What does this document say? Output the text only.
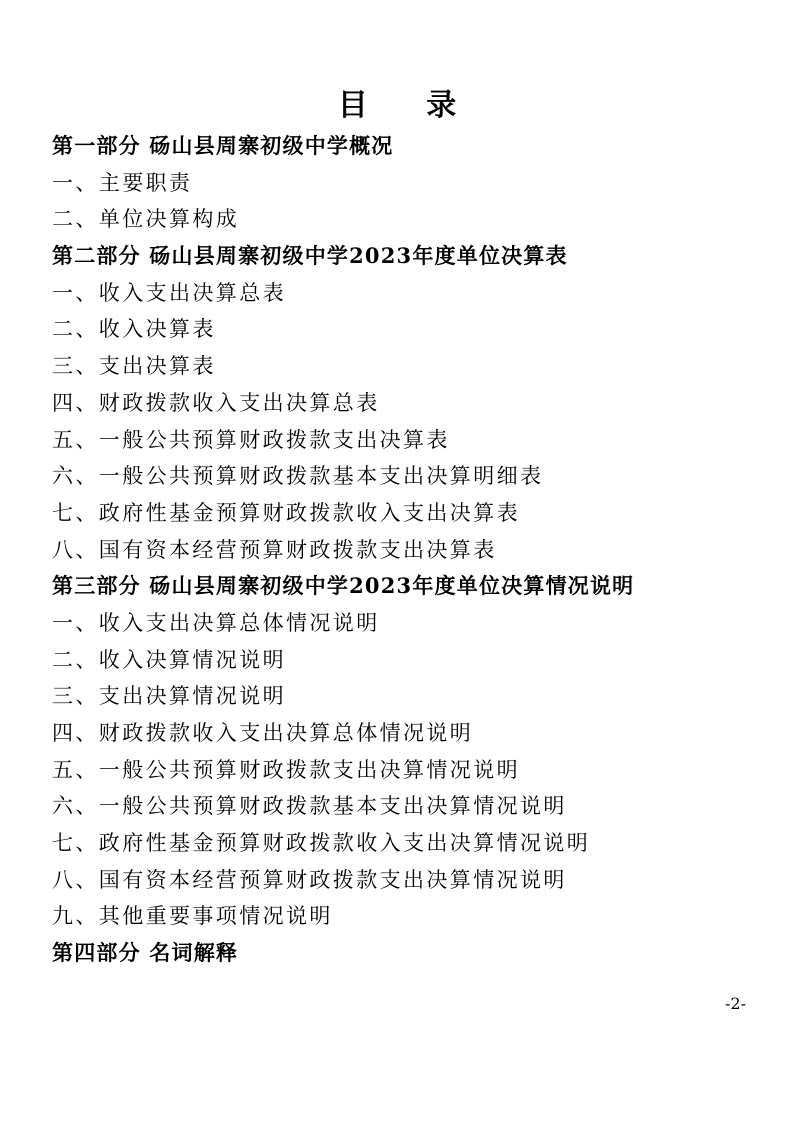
目 录
第一部分 砀山县周寨初级中学概况
一、主要职责
二、单位决算构成
第二部分 砀山县周寨初级中学2023年度单位决算表
一、收入支出决算总表
二、收入决算表
三、支出决算表
四、财政拨款收入支出决算总表
五、一般公共预算财政拨款支出决算表
六、一般公共预算财政拨款基本支出决算明细表
七、政府性基金预算财政拨款收入支出决算表
八、国有资本经营预算财政拨款支出决算表
第三部分 砀山县周寨初级中学2023年度单位决算情况说明
一、收入支出决算总体情况说明
二、收入决算情况说明
三、支出决算情况说明
四、财政拨款收入支出决算总体情况说明
五、一般公共预算财政拨款支出决算情况说明
六、一般公共预算财政拨款基本支出决算情况说明
七、政府性基金预算财政拨款收入支出决算情况说明
八、国有资本经营预算财政拨款支出决算情况说明
九、其他重要事项情况说明
第四部分 名词解释
-2-
